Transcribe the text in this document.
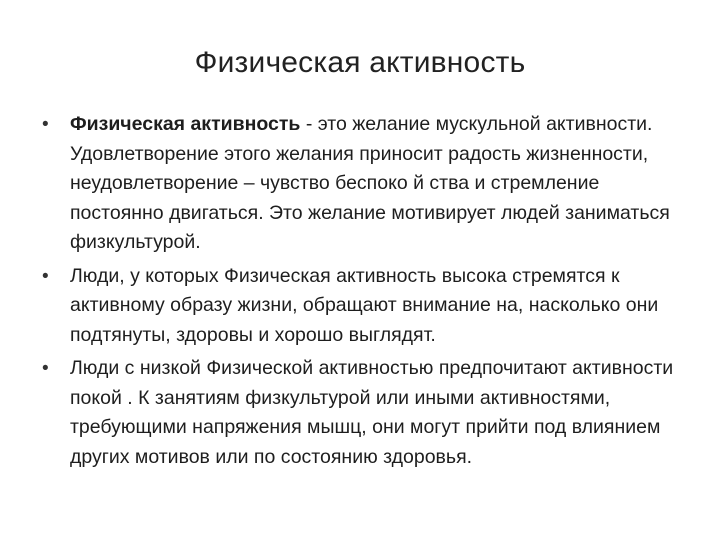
Физическая активность
• Физическая активность - это желание мускульной активности. Удовлетворение этого желания приносит радость жизненности, неудовлетворение – чувство беспоко й ства и стремление постоянно двигаться. Это желание мотивирует людей заниматься физкультурой.
• Люди, у которых Физическая активность высока стремятся к активному образу жизни, обращают внимание на, насколько они подтянуты, здоровы и хорошо выглядят.
• Люди с низкой Физической активностью предпочитают активности покой . К занятиям физкультурой или иными активностями, требующими напряжения мышц, они могут прийти под влиянием других мотивов или по состоянию здоровья.
